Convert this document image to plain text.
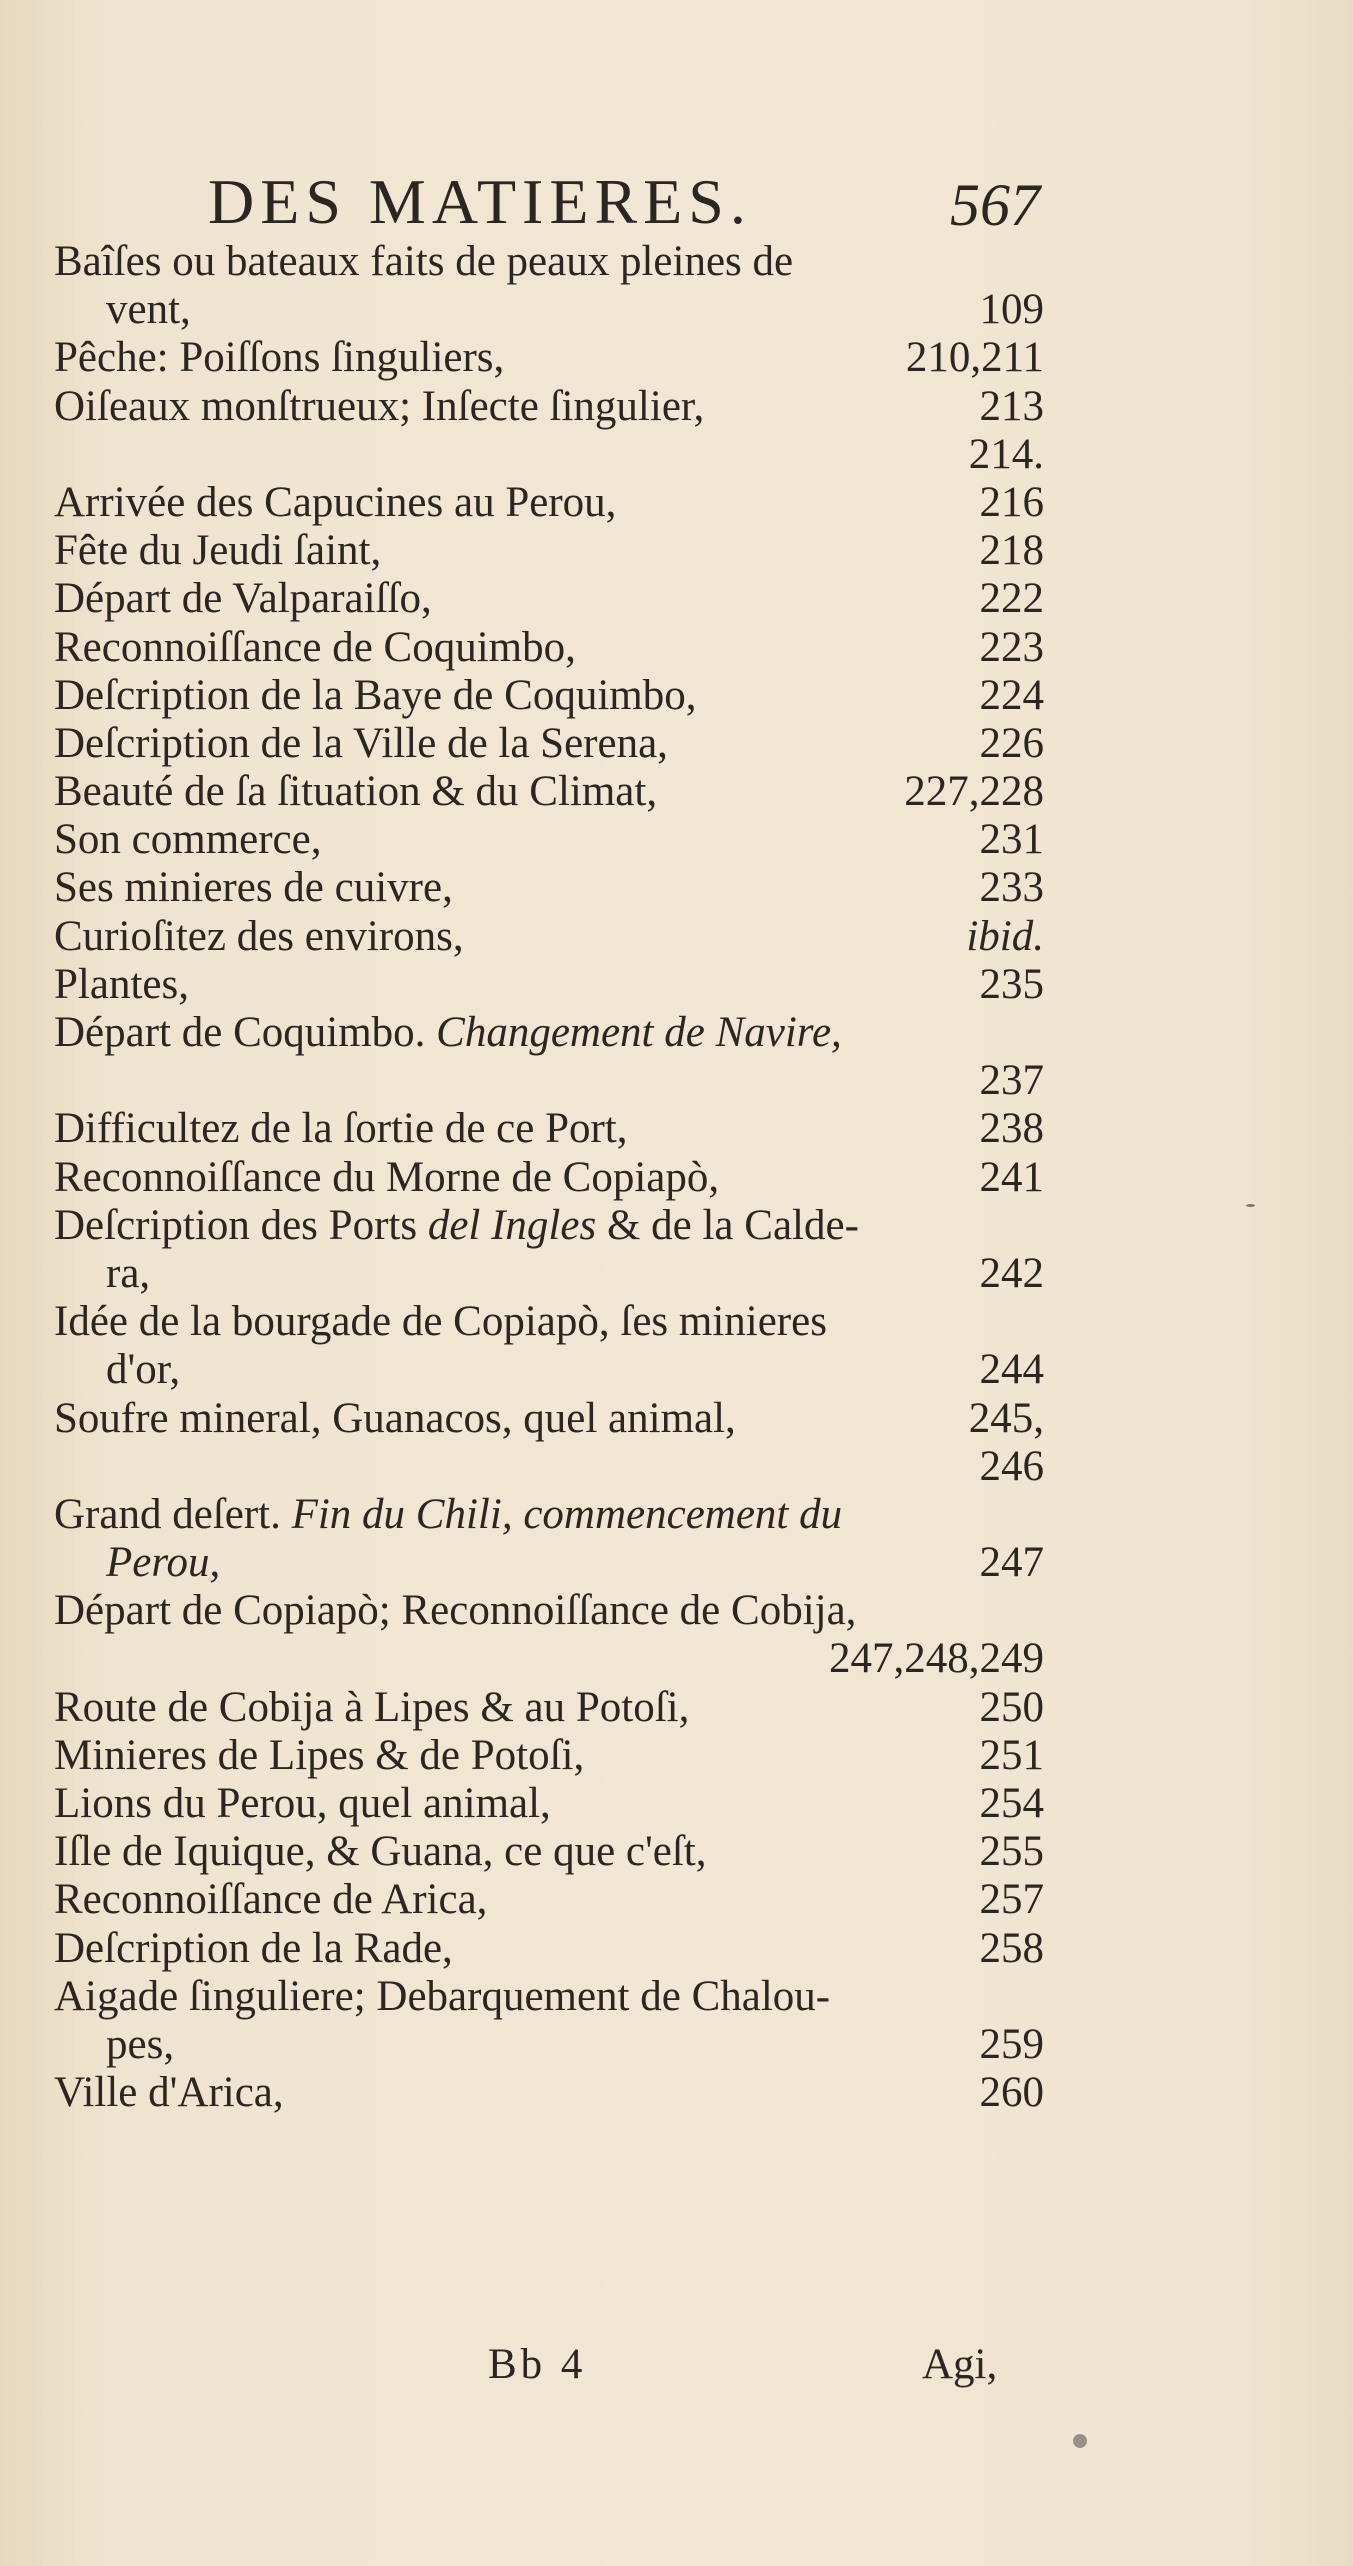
DES MATIERES.	567
Baîſes ou bateaux faits de peaux pleines de
vent,	109
Pêche: Poiſſons ſinguliers,	210,211
Oiſeaux monſtrueux; Inſecte ſingulier,	213
214.
Arrivée des Capucines au Perou,	216
Fête du Jeudi ſaint,	218
Départ de Valparaiſſo,	222
Reconnoiſſance de Coquimbo,	223
Deſcription de la Baye de Coquimbo,	224
Deſcription de la Ville de la Serena,	226
Beauté de ſa ſituation & du Climat,	227,228
Son commerce,	231
Ses minieres de cuivre,	233
Curioſitez des environs,	ibid.
Plantes,	235
Départ de Coquimbo. Changement de Navire,
237
Difficultez de la ſortie de ce Port,	238
Reconnoiſſance du Morne de Copiapò,	241
Deſcription des Ports del Ingles & de la Calde-
ra,	242
Idée de la bourgade de Copiapò, ſes minieres
d'or,	244
Soufre mineral, Guanacos, quel animal,	245,
246
Grand deſert. Fin du Chili, commencement du
Perou,	247
Départ de Copiapò; Reconnoiſſance de Cobija,
247,248,249
Route de Cobija à Lipes & au Potoſi,	250
Minieres de Lipes & de Potoſi,	251
Lions du Perou, quel animal,	254
Iſle de Iquique, & Guana, ce que c'eſt,	255
Reconnoiſſance de Arica,	257
Deſcription de la Rade,	258
Aigade ſinguliere; Debarquement de Chalou-
pes,	259
Ville d'Arica,	260
Bb 4	Agi,
